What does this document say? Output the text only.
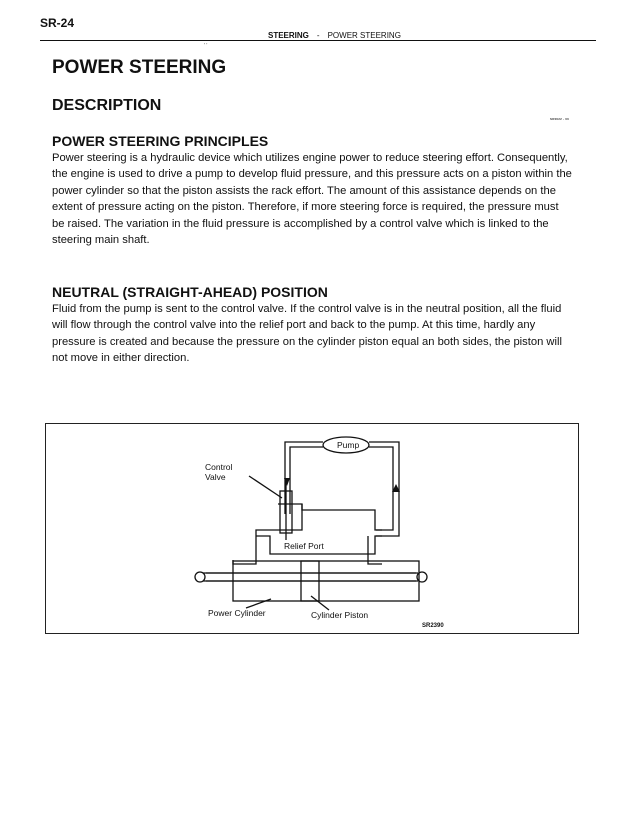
SR-24
STEERING - POWER STEERING
' '
POWER STEERING
DESCRIPTION
SR0022 - 00
POWER STEERING PRINCIPLES
Power steering is a hydraulic device which utilizes engine power to reduce steering effort. Consequently, the engine is used to drive a pump to develop fluid pressure, and this pressure acts on a piston within the power cylinder so that the piston assists the rack effort. The amount of this assistance depends on the extent of pressure acting on the piston. Therefore, if more steering force is required, the pressure must be raised. The variation in the fluid pressure is accomplished by a control valve which is linked to the steering main shaft.
NEUTRAL (STRAIGHT-AHEAD) POSITION
Fluid from the pump is sent to the control valve. If the control valve is in the neutral position, all the fluid will flow through the control valve into the relief port and back to the pump. At this time, hardly any pressure is created and because the pressure on the cylinder piston equal an both sides, the piston will not move in either direction.
Pump
Control
Valve
Relief Port
Power Cylinder	Cylinder Piston
SR2390
